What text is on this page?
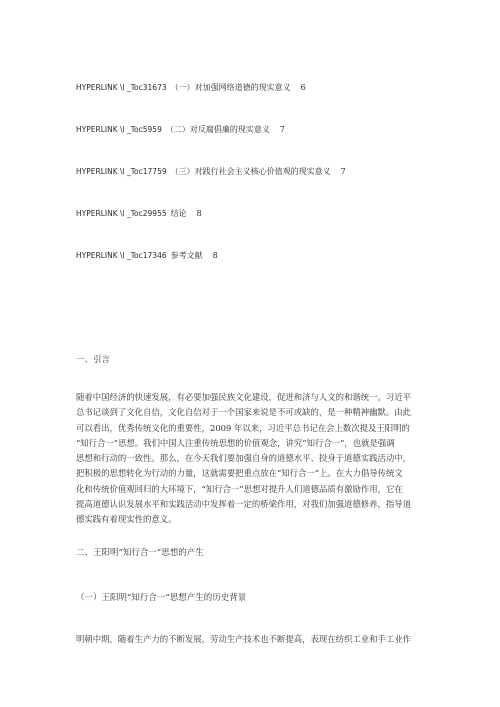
HYPERLINK \l _Toc31673 （一）对加强网络道德的现实意义 6
HYPERLINK \l _Toc5959 （二）对反腐倡廉的现实意义 7
HYPERLINK \l _Toc17759 （三）对践行社会主义核心价值观的现实意义 7
HYPERLINK \l _Toc29955 结论 8
HYPERLINK \l _Toc17346 参考文献 8
一、引言
随着中国经济的快速发展，有必要加强民族文化建设，促进和济与人文的和谐统一。习近平
总书记谈到了文化自信，文化自信对于一个国家来说是不可或缺的，是一种精神幽默。由此
可以看出，优秀传统文化的重要性，2009 年以来，习近平总书记在会上数次提及王阳明的
“知行合一”思想。我们中国人注重传统思想的价值观念，讲究“知行合一”，也就是强调
思想和行动的一致性。那么，在今天我们要加强自身的道德水平、投身于道德实践活动中，
把积极的思想转化为行动的力量，这就需要把重点放在“知行合一”上。在大力倡导传统文
化和传统价值观回归的大环境下，“知行合一”思想对提升人们道德品质有激励作用，它在
提高道德认识发展水平和实践活动中发挥着一定的桥梁作用，对我们加强道德修养，指导道
德实践有着现实性的意义。
二、王阳明“知行合一”思想的产生
（一）王阳明“知行合一”思想产生的历史背景
明朝中期，随着生产力的不断发展，劳动生产技术也不断提高，表现在纺织工业和手工业作
